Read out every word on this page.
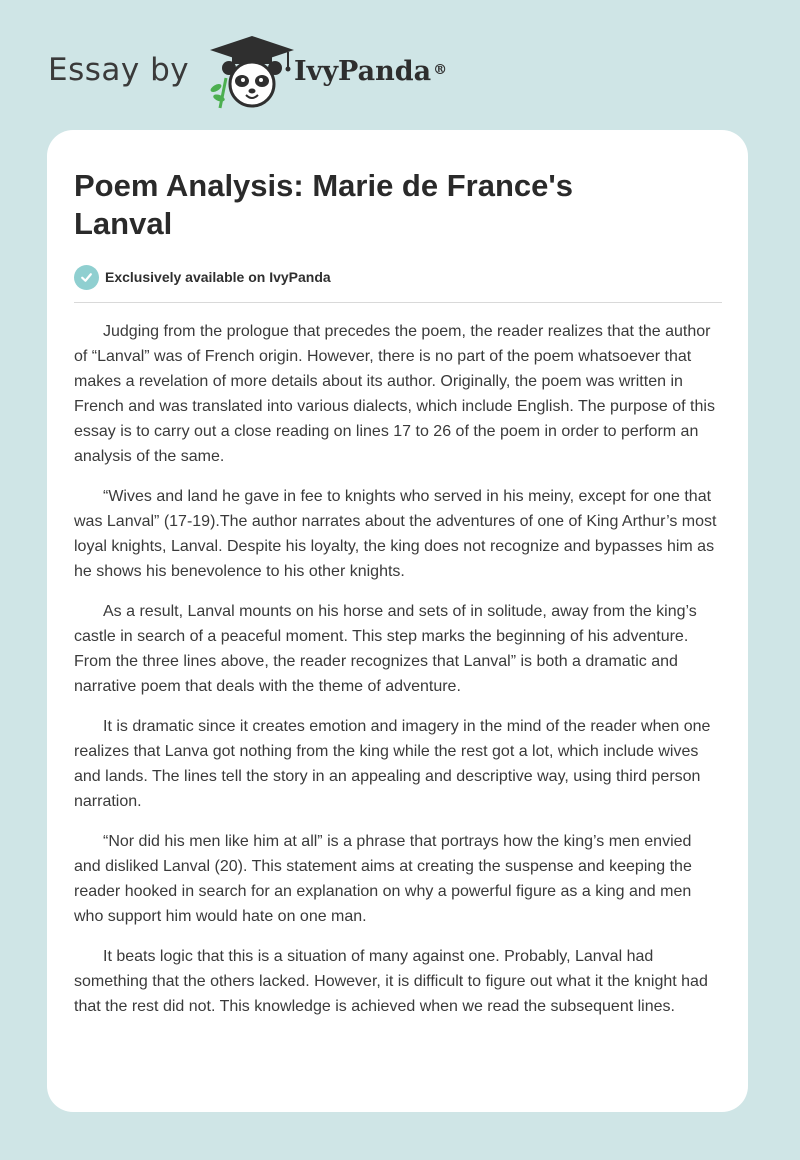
Essay by	IvyPanda ®
Poem Analysis: Marie de France's Lanval
Exclusively available on IvyPanda

Judging from the prologue that precedes the poem, the reader realizes that the author of “Lanval” was of French origin. However, there is no part of the poem whatsoever that makes a revelation of more details about its author. Originally, the poem was written in French and was translated into various dialects, which include English. The purpose of this essay is to carry out a close reading on lines 17 to 26 of the poem in order to perform an analysis of the same.

“Wives and land he gave in fee to knights who served in his meiny, except for one that was Lanval” (17-19).The author narrates about the adventures of one of King Arthur’s most loyal knights, Lanval. Despite his loyalty, the king does not recognize and bypasses him as he shows his benevolence to his other knights.

As a result, Lanval mounts on his horse and sets of in solitude, away from the king’s castle in search of a peaceful moment. This step marks the beginning of his adventure. From the three lines above, the reader recognizes that Lanval” is both a dramatic and narrative poem that deals with the theme of adventure.

It is dramatic since it creates emotion and imagery in the mind of the reader when one realizes that Lanva got nothing from the king while the rest got a lot, which include wives and lands. The lines tell the story in an appealing and descriptive way, using third person narration.

“Nor did his men like him at all” is a phrase that portrays how the king’s men envied and disliked Lanval (20). This statement aims at creating the suspense and keeping the reader hooked in search for an explanation on why a powerful figure as a king and men who support him would hate on one man.

It beats logic that this is a situation of many against one. Probably, Lanval had something that the others lacked. However, it is difficult to figure out what it the knight had that the rest did not. This knowledge is achieved when we read the subsequent lines.
